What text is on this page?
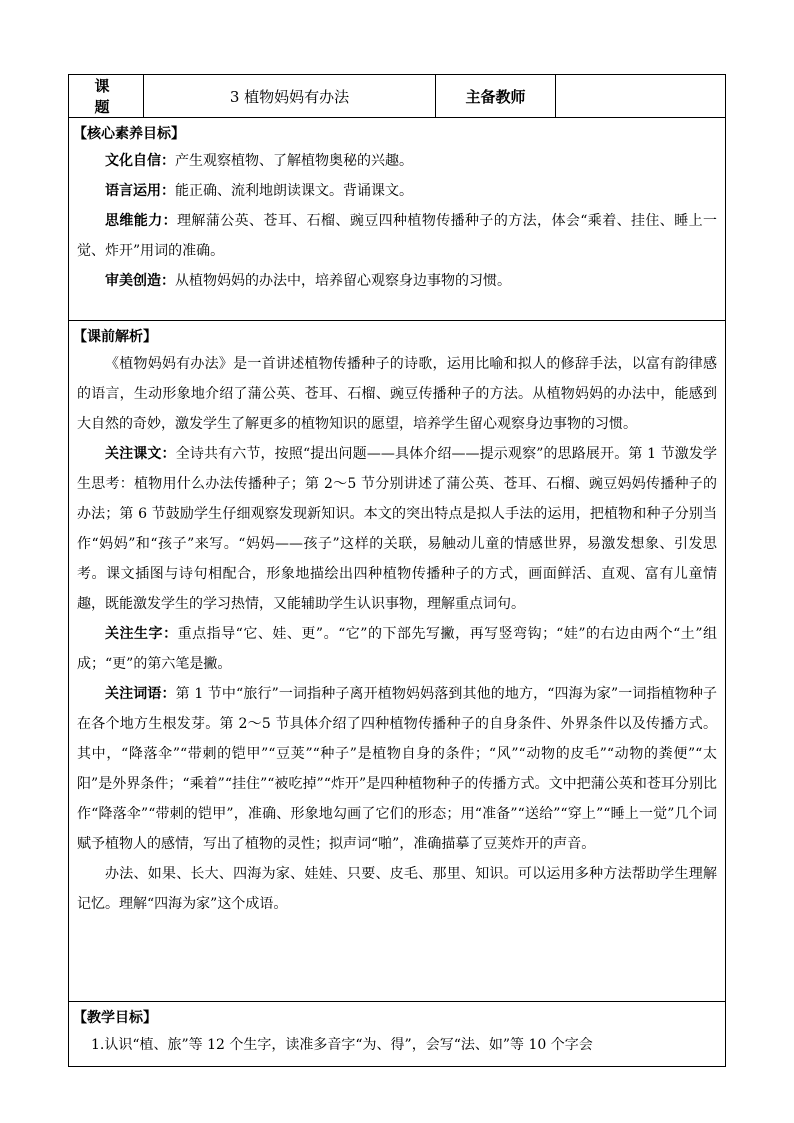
课 题	3 植物妈妈有办法	主备教师	

【核心素养目标】
文化自信：产生观察植物、了解植物奥秘的兴趣。
语言运用：能正确、流利地朗读课文。背诵课文。
思维能力：理解蒲公英、苍耳、石榴、豌豆四种植物传播种子的方法，体会“乘着、挂住、睡上一觉、炸开”用词的准确。
审美创造：从植物妈妈的办法中，培养留心观察身边事物的习惯。

【课前解析】
《植物妈妈有办法》是一首讲述植物传播种子的诗歌，运用比喻和拟人的修辞手法，以富有韵律感的语言，生动形象地介绍了蒲公英、苍耳、石榴、豌豆传播种子的方法。从植物妈妈的办法中，能感到大自然的奇妙，激发学生了解更多的植物知识的愿望，培养学生留心观察身边事物的习惯。
关注课文：全诗共有六节，按照“提出问题——具体介绍——提示观察”的思路展开。第 1 节激发学生思考：植物用什么办法传播种子；第 2～5 节分别讲述了蒲公英、苍耳、石榴、豌豆妈妈传播种子的办法；第 6 节鼓励学生仔细观察发现新知识。本文的突出特点是拟人手法的运用，把植物和种子分别当作“妈妈”和“孩子”来写。“妈妈——孩子”这样的关联，易触动儿童的情感世界，易激发想象、引发思考。课文插图与诗句相配合，形象地描绘出四种植物传播种子的方式，画面鲜活、直观、富有儿童情趣，既能激发学生的学习热情，又能辅助学生认识事物，理解重点词句。
关注生字：重点指导“它、娃、更”。“它”的下部先写撇，再写竖弯钩；“娃”的右边由两个“土”组成；“更”的第六笔是撇。
关注词语：第 1 节中“旅行”一词指种子离开植物妈妈落到其他的地方，“四海为家”一词指植物种子在各个地方生根发芽。第 2～5 节具体介绍了四种植物传播种子的自身条件、外界条件以及传播方式。其中，“降落伞”“带刺的铠甲”“豆荚”“种子”是植物自身的条件；“风”“动物的皮毛”“动物的粪便”“太阳”是外界条件；“乘着”“挂住”“被吃掉”“炸开”是四种植物种子的传播方式。文中把蒲公英和苍耳分别比作“降落伞”“带刺的铠甲”，准确、形象地勾画了它们的形态；用“准备”“送给”“穿上”“睡上一觉”几个词赋予植物人的感情，写出了植物的灵性；拟声词“啪”，准确描摹了豆荚炸开的声音。
办法、如果、长大、四海为家、娃娃、只要、皮毛、那里、知识。可以运用多种方法帮助学生理解记忆。理解“四海为家”这个成语。

【教学目标】
1.认识“植、旅”等 12 个生字，读准多音字“为、得”，会写“法、如”等 10 个字会
